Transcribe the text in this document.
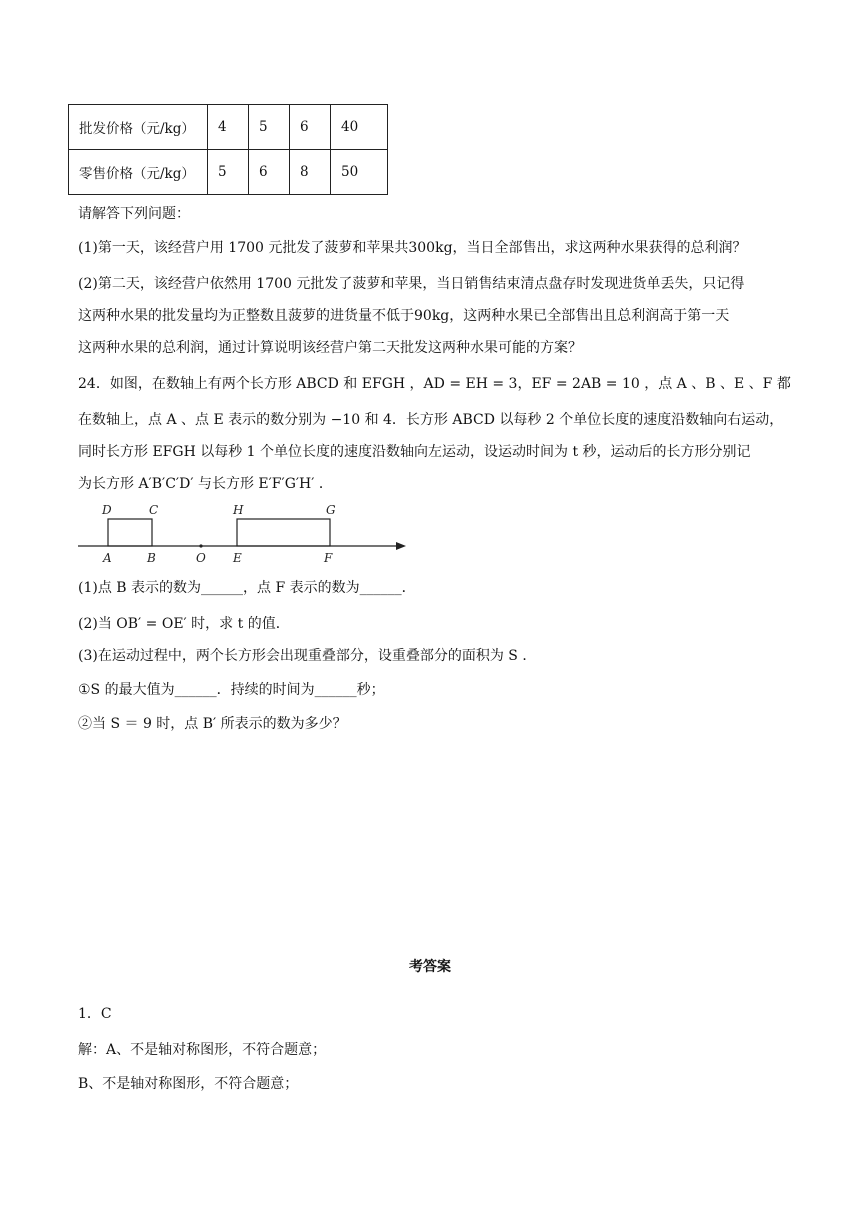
批发价格（元/kg）	4	5	6	40
零售价格（元/kg）	5	6	8	50
请解答下列问题：
(1)第一天，该经营户用 1700 元批发了菠萝和苹果共300kg，当日全部售出，求这两种水果获得的总利润？
(2)第二天，该经营户依然用 1700 元批发了菠萝和苹果，当日销售结束清点盘存时发现进货单丢失，只记得
这两种水果的批发量均为正整数且菠萝的进货量不低于90kg，这两种水果已全部售出且总利润高于第一天
这两种水果的总利润，通过计算说明该经营户第二天批发这两种水果可能的方案？
24．如图，在数轴上有两个长方形 ABCD 和 EFGH ，AD = EH = 3，EF = 2AB = 10 ，点 A 、B 、E 、F 都
在数轴上，点 A 、点 E 表示的数分别为 −10 和 4．长方形 ABCD 以每秒 2 个单位长度的速度沿数轴向右运动，
同时长方形 EFGH 以每秒 1 个单位长度的速度沿数轴向左运动，设运动时间为 t 秒，运动后的长方形分别记
为长方形 A′B′C′D′ 与长方形 E′F′G′H′ ．
D	C	H	G
A	B	O E	F
(1)点 B 表示的数为______，点 F 表示的数为______．
(2)当 OB′ = OE′ 时，求 t 的值．
(3)在运动过程中，两个长方形会出现重叠部分，设重叠部分的面积为 S ．
①S 的最大值为______．持续的时间为______秒；
②当 S ＝ 9 时，点 B′ 所表示的数为多少？
考答案
1．C
解：A、不是轴对称图形，不符合题意；
B、不是轴对称图形，不符合题意；
